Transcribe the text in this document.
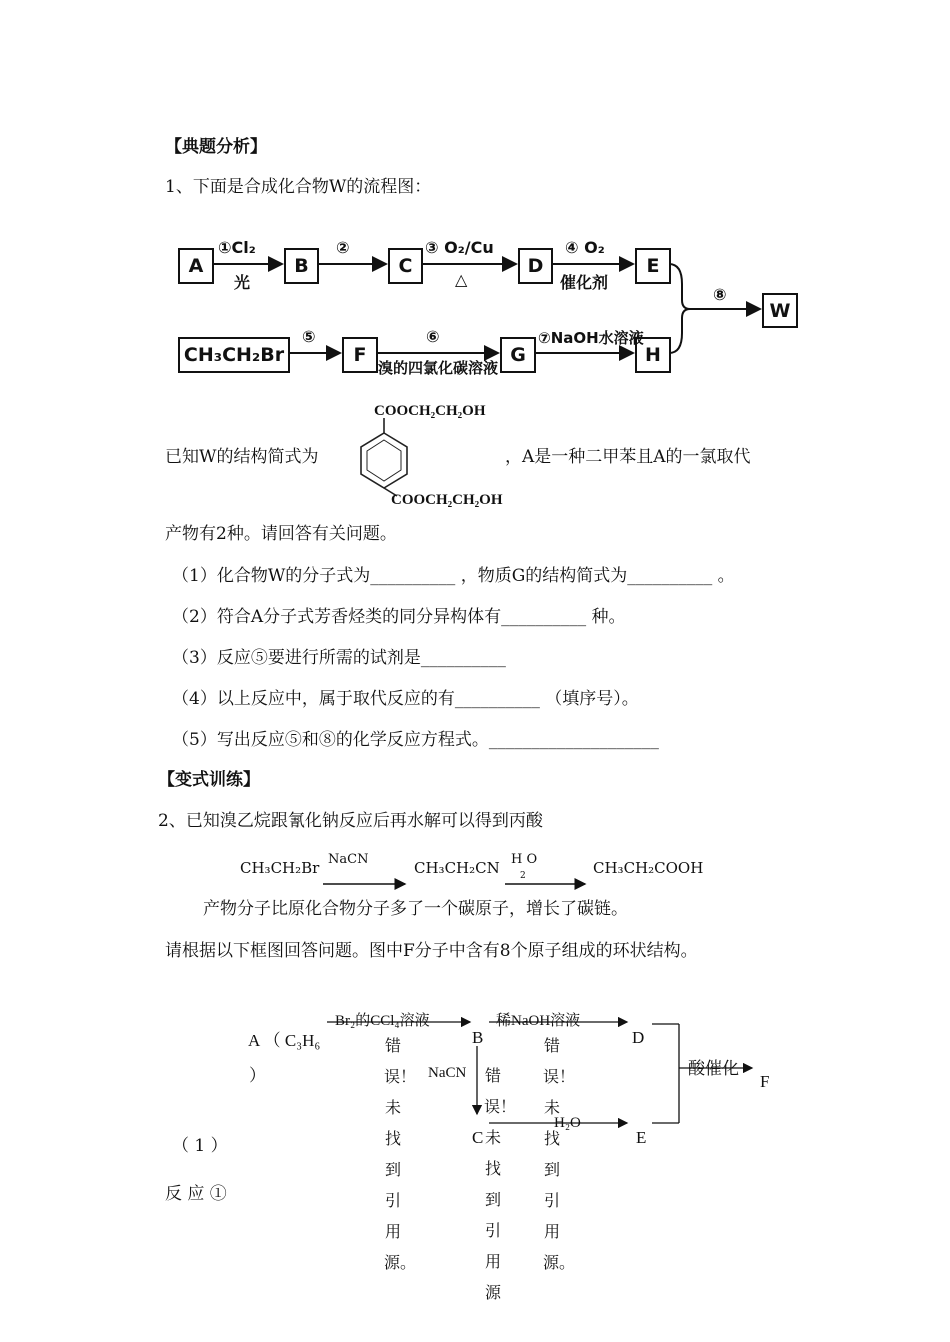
【典题分析】
1、下面是合成化合物W的流程图：
A	B	C	D	E
W
CH₃CH₂Br	F	G	H
①Cl₂
光
②	③ O₂/Cu
△
④ O₂
催化剂
⑧
⑤	⑥
溴的四氯化碳溶液
⑦NaOH水溶液
COOCH₂CH₂OH
COOCH₂CH₂OH
已知W的结构简式为	，A是一种二甲苯且A的一氯取代
产物有2种。请回答有关问题。
（1）化合物W的分子式为__________ ，物质G的结构简式为__________ 。
（2）符合A分子式芳香烃类的同分异构体有__________ 种。
（3）反应⑤要进行所需的试剂是__________
（4）以上反应中，属于取代反应的有__________ （填序号）。
（5）写出反应⑤和⑧的化学反应方程式。____________________
【变式训练】
2、已知溴乙烷跟氰化钠反应后再水解可以得到丙酸
CH₃CH₂Br NaCN	CH₃CH₂CN H O
2	CH₃CH₂COOH
产物分子比原化合物分子多了一个碳原子，增长了碳链。
请根据以下框图回答问题。图中F分子中含有8个原子组成的环状结构。
A （ C₃H₆
）
Br₂的CCl₄溶液
B
稀NaOH溶液
D
NaCN
C
H₂O
E
酸催化
F
错误！未找到引用源。
错误！未找到引用源
错误！未找到引用源。
（ 1 ）
反 应 ①
